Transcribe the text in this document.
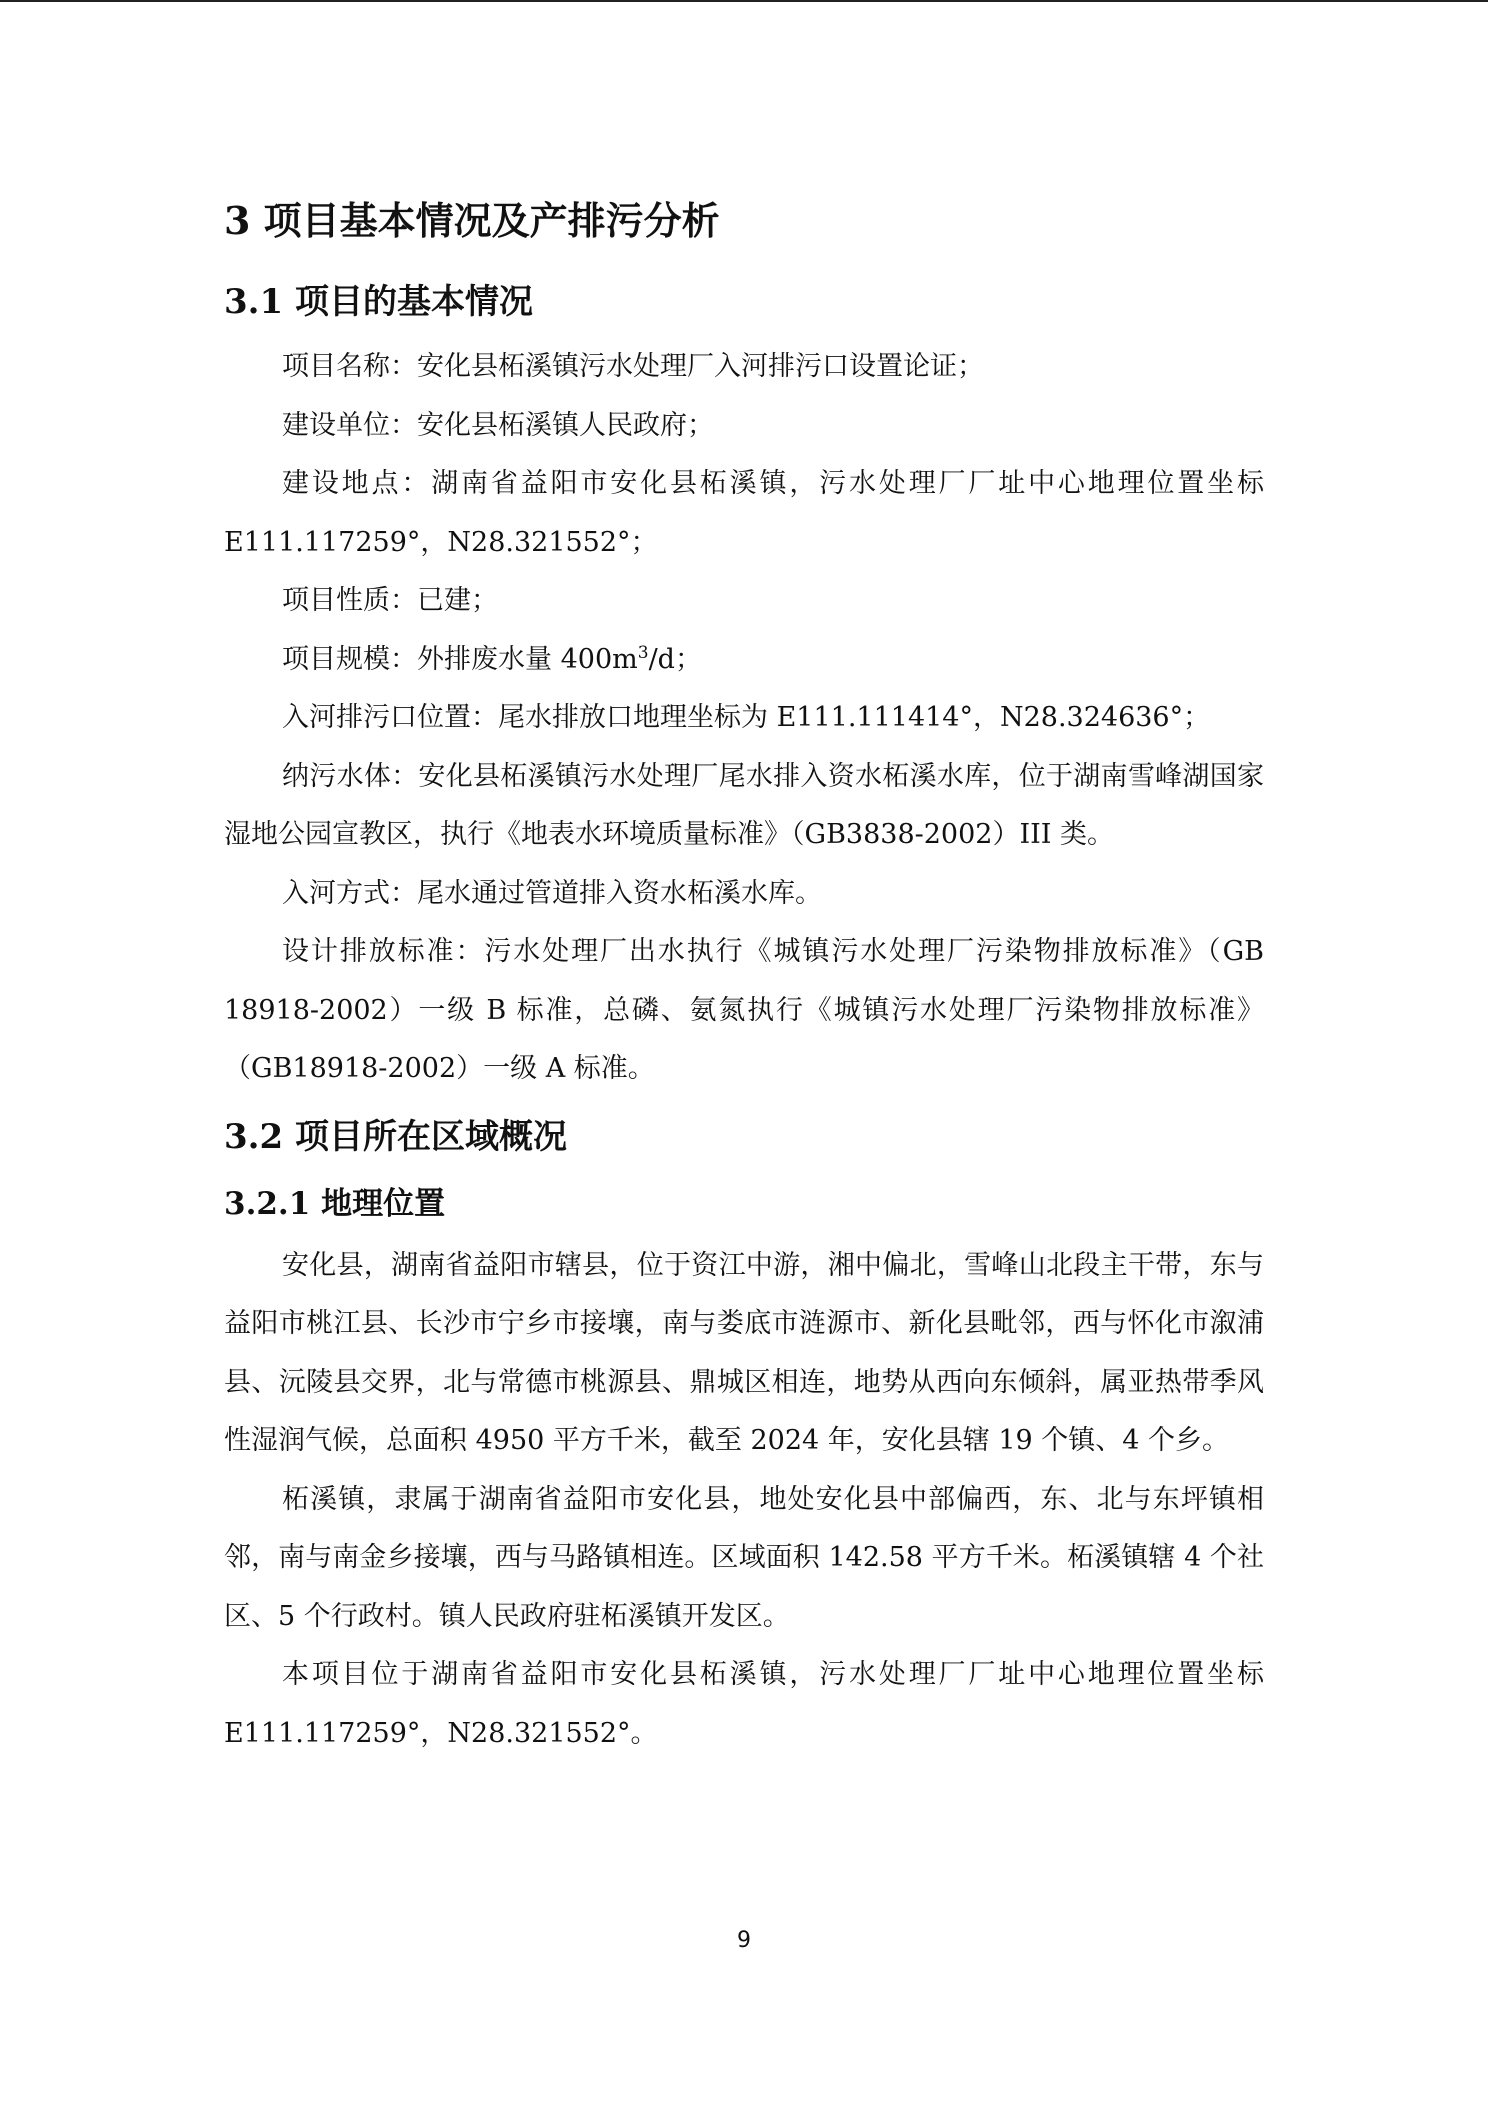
3 项目基本情况及产排污分析
3.1 项目的基本情况

项目名称：安化县柘溪镇污水处理厂入河排污口设置论证；

建设单位：安化县柘溪镇人民政府；

建设地点：湖南省益阳市安化县柘溪镇，污水处理厂厂址中心地理位置坐标E111.117259°，N28.321552°；

项目性质：已建；

项目规模：外排废水量 $400m^3/d$；

入河排污口位置：尾水排放口地理坐标为 E111.111414°，N28.324636°；

纳污水体：安化县柘溪镇污水处理厂尾水排入资水柘溪水库，位于湖南雪峰湖国家湿地公园宣教区，执行《地表水环境质量标准》（GB3838-2002）III 类。

入河方式：尾水通过管道排入资水柘溪水库。

设计排放标准：污水处理厂出水执行《城镇污水处理厂污染物排放标准》（GB 18918-2002）一级 B 标准，总磷、氨氮执行《城镇污水处理厂污染物排放标准》（GB18918-2002）一级 A 标准。

3.2 项目所在区域概况
3.2.1 地理位置

安化县，湖南省益阳市辖县，位于资江中游，湘中偏北，雪峰山北段主干带，东与益阳市桃江县、长沙市宁乡市接壤，南与娄底市涟源市、新化县毗邻，西与怀化市溆浦县、沅陵县交界，北与常德市桃源县、鼎城区相连，地势从西向东倾斜，属亚热带季风性湿润气候，总面积 4950 平方千米，截至 2024 年，安化县辖 19 个镇、4 个乡。

柘溪镇，隶属于湖南省益阳市安化县，地处安化县中部偏西，东、北与东坪镇相邻，南与南金乡接壤，西与马路镇相连。区域面积 142.58 平方千米。柘溪镇辖 4 个社区、5 个行政村。镇人民政府驻柘溪镇开发区。

本项目位于湖南省益阳市安化县柘溪镇，污水处理厂厂址中心地理位置坐标E111.117259°，N28.321552°。

9
